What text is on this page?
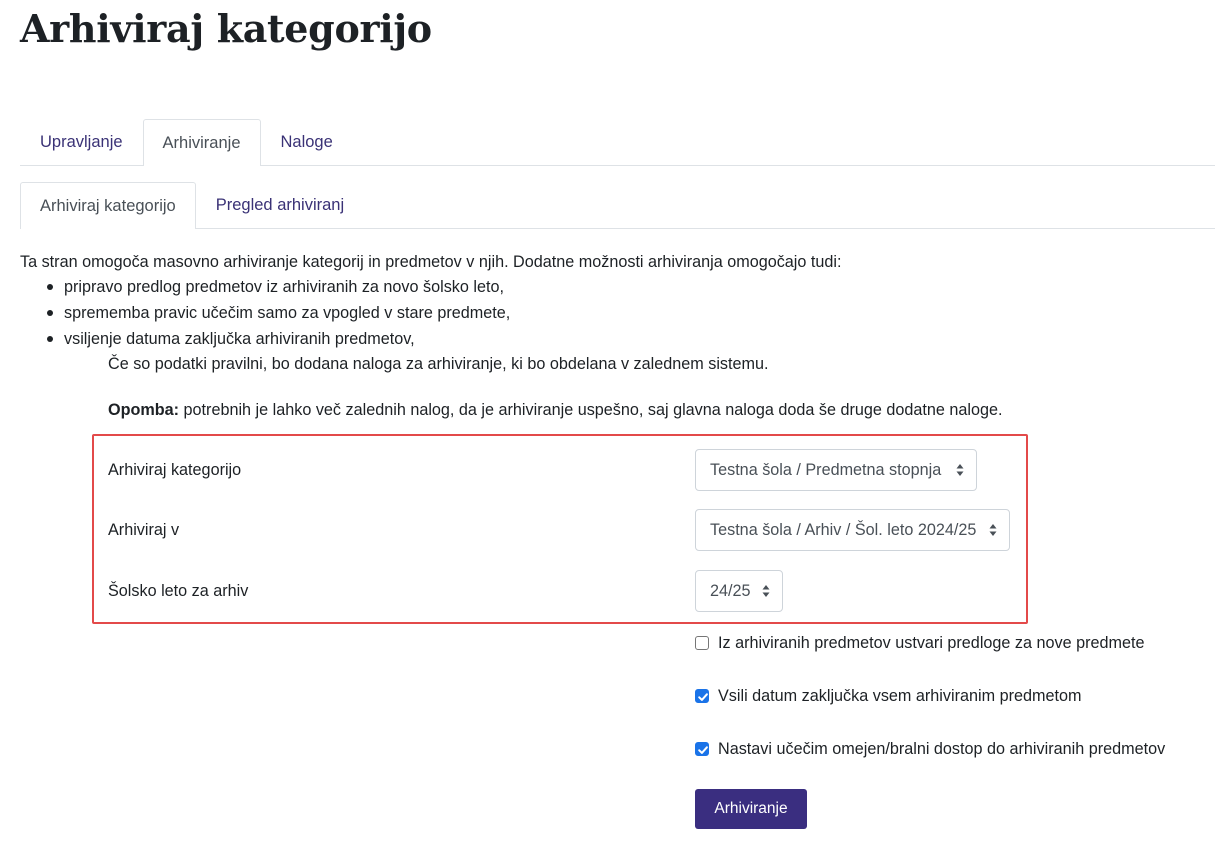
Arhiviraj kategorijo
Upravljanje	Arhiviranje	Naloge
Arhiviraj kategorijo	Pregled arhiviranj

Ta stran omogoča masovno arhiviranje kategorij in predmetov v njih. Dodatne možnosti arhiviranja omogočajo tudi:

pripravo predlog predmetov iz arhiviranih za novo šolsko leto,
sprememba pravic učečim samo za vpogled v stare predmete,
vsiljenje datuma zaključka arhiviranih predmetov,

Če so podatki pravilni, bo dodana naloga za arhiviranje, ki bo obdelana v zalednem sistemu.

Opomba: potrebnih je lahko več zalednih nalog, da je arhiviranje uspešno, saj glavna naloga doda še druge dodatne naloge.

Arhiviraj kategorijo	Testna šola / Predmetna stopnja
Arhiviraj v	Testna šola / Arhiv / Šol. leto 2024/25
Šolsko leto za arhiv	24/25
Iz arhiviranih predmetov ustvari predloge za nove predmete
Vsili datum zaključka vsem arhiviranim predmetom
Nastavi učečim omejen/bralni dostop do arhiviranih predmetov
Arhiviranje
